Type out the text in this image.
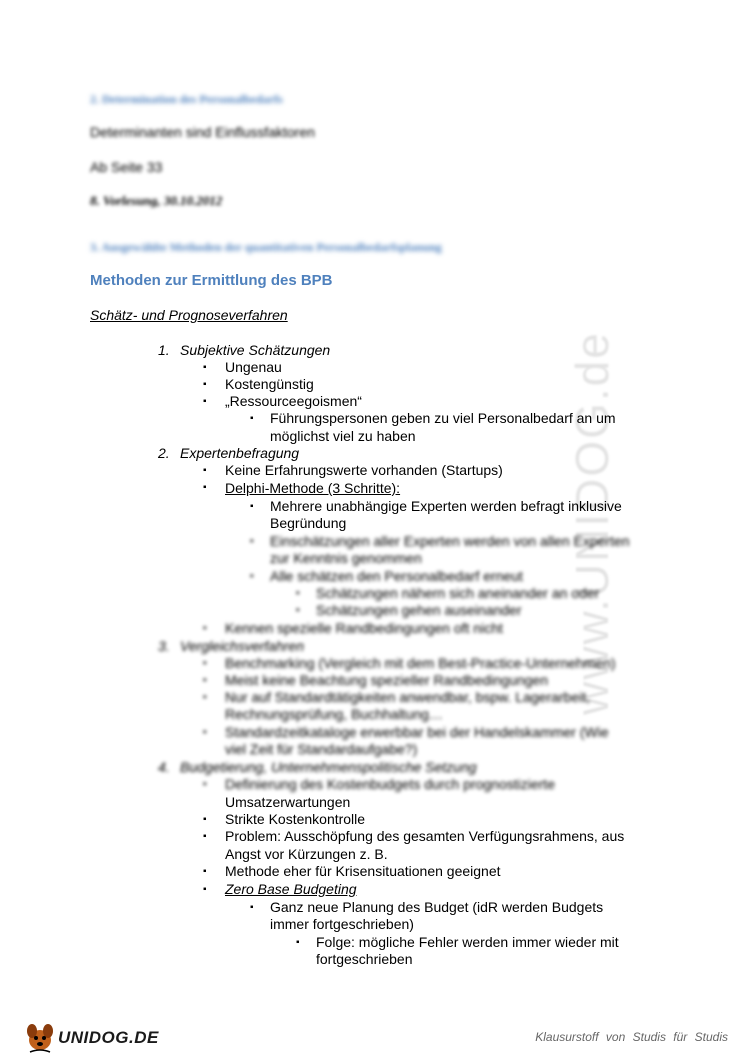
www.UNIDOG.de
2. Determination des Personalbedarfs
Determinanten sind Einflussfaktoren
Ab Seite 33
8. Vorlesung, 30.10.2012
3. Ausgewählte Methoden der quantitativen Personalbedarfsplanung
Methoden zur Ermittlung des BPB
Schätz- und Prognoseverfahren
1. Subjektive Schätzungen
▪ Ungenau
▪ Kostengünstig
▪ „Ressourceegoismen“
▪ Führungspersonen geben zu viel Personalbedarf an um
möglichst viel zu haben
2. Expertenbefragung
▪ Keine Erfahrungswerte vorhanden (Startups)
▪ Delphi-Methode (3 Schritte):
▪ Mehrere unabhängige Experten werden befragt inklusive
Begründung
▪ Einschätzungen aller Experten werden von allen Experten
zur Kenntnis genommen
▪ Alle schätzen den Personalbedarf erneut
▪ Schätzungen nähern sich aneinander an oder
▪ Schätzungen gehen auseinander
▪ Kennen spezielle Randbedingungen oft nicht
3. Vergleichsverfahren
▪ Benchmarking (Vergleich mit dem Best-Practice-Unternehmen)
▪ Meist keine Beachtung spezieller Randbedingungen
▪ Nur auf Standardtätigkeiten anwendbar, bspw. Lagerarbeit,
Rechnungsprüfung, Buchhaltung…
▪ Standardzeitkataloge erwerbbar bei der Handelskammer (Wie
viel Zeit für Standardaufgabe?)
4. Budgetierung, Unternehmenspolitische Setzung
▪ Definierung des Kostenbudgets durch prognostizierte
Umsatzerwartungen
▪ Strikte Kostenkontrolle
▪ Problem: Ausschöpfung des gesamten Verfügungsrahmens, aus
Angst vor Kürzungen z. B.
▪ Methode eher für Krisensituationen geeignet
▪ Zero Base Budgeting
▪ Ganz neue Planung des Budget (idR werden Budgets
immer fortgeschrieben)
▪ Folge: mögliche Fehler werden immer wieder mit
fortgeschrieben
UNIDOG.DE	Klausurstoff von Studis für Studis
